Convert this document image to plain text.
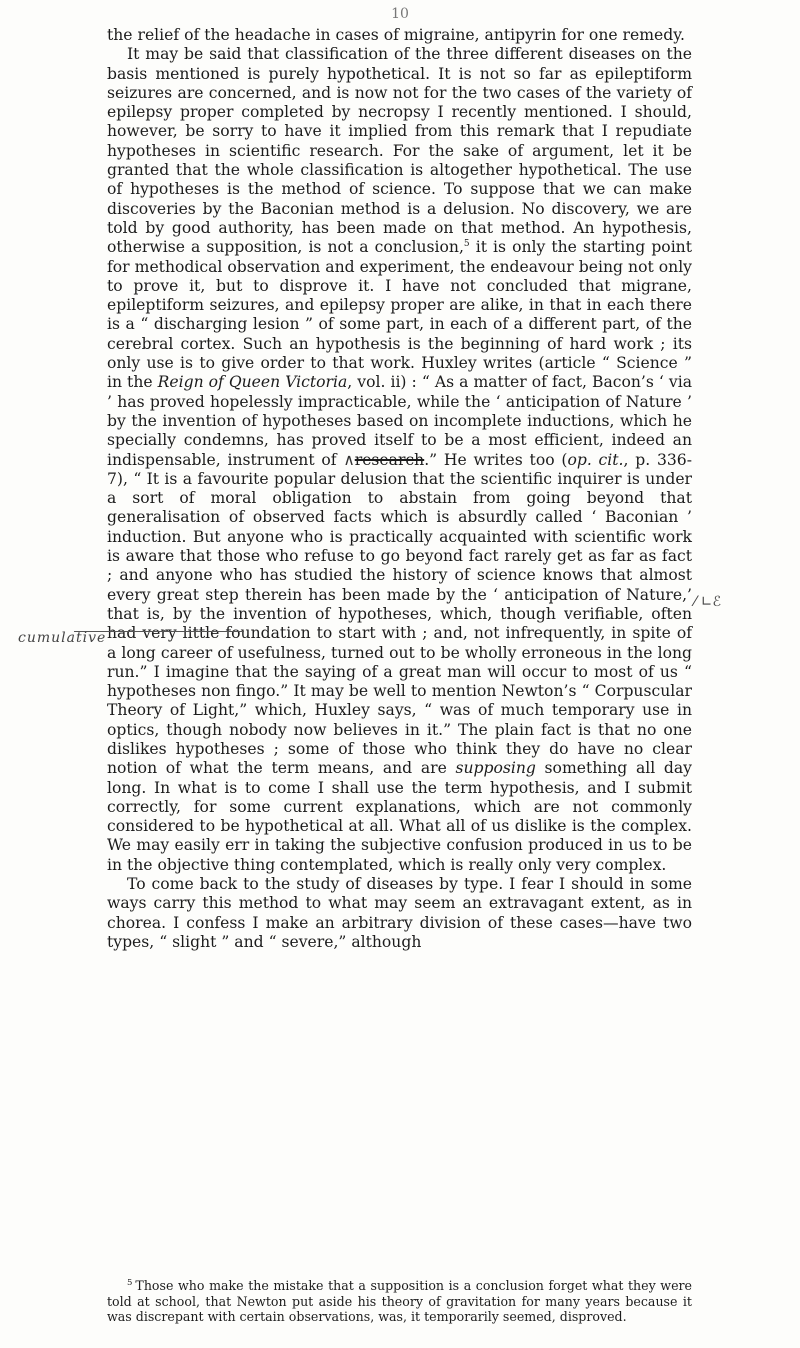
10

the relief of the headache in cases of migraine, antipyrin for one remedy.

It may be said that classification of the three different diseases on the basis mentioned is purely hypothetical. It is not so far as epileptiform seizures are concerned, and is now not for the two cases of the variety of epilepsy proper completed by necropsy I recently mentioned. I should, however, be sorry to have it implied from this remark that I repudiate hypotheses in scientific research. For the sake of argument, let it be granted that the whole classification is altogether hypothetical. The use of hypotheses is the method of science. To suppose that we can make discoveries by the Baconian method is a delusion. No discovery, we are told by good authority, has been made on that method. An hypothesis, otherwise a supposition, is not a conclusion,$^5$ it is only the starting point for methodical observation and experiment, the endeavour being not only to prove it, but to disprove it. I have not concluded that migrane, epileptiform seizures, and epilepsy proper are alike, in that in each there is a “ discharging lesion ” of some part, in each of a different part, of the cerebral cortex. Such an hypothesis is the beginning of hard work ; its only use is to give order to that work. Huxley writes (article “ Science ” in the Reign of Queen Victoria, vol. ii) : “ As a matter of fact, Bacon’s ‘ via ’ has proved hopelessly impracticable, while the ‘ anticipation of Nature ’ by the invention of hypotheses based on incomplete inductions, which he specially condemns, has proved itself to be a most efficient, indeed an indispensable, instrument of ∧research.” He writes too (op. cit., p. 336-7), “ It is a favourite popular delusion that the scientific inquirer is under a sort of moral obligation to abstain from going beyond that generalisation of observed facts which is absurdly called ‘ Baconian ’ induction. But anyone who is practically acquainted with scientific work is aware that those who refuse to go beyond fact rarely get as far as fact ; and anyone who has studied the history of science knows that almost every great step therein has been made by the ‘ anticipation of Nature,’ that is, by the invention of hypotheses, which, though verifiable, often had very little foundation to start with ; and, not infrequently, in spite of a long career of usefulness, turned out to be wholly erroneous in the long run.” I imagine that the saying of a great man will occur to most of us “ hypotheses non fingo.” It may be well to mention Newton’s “ Corpuscular Theory of Light,” which, Huxley says, “ was of much temporary use in optics, though nobody now believes in it.” The plain fact is that no one dislikes hypotheses ; some of those who think they do have no clear notion of what the term means, and are supposing something all day long. In what is to come I shall use the term hypothesis, and I submit correctly, for some current explanations, which are not commonly considered to be hypothetical at all. What all of us dislike is the complex. We may easily err in taking the subjective confusion produced in us to be in the objective thing contemplated, which is really only very complex.

To come back to the study of diseases by type. I fear I should in some ways carry this method to what may seem an extravagant extent, as in chorea. I confess I make an arbitrary division of these cases—have two types, “ slight ” and “ severe,” although

cumulative
⁄ ∟ℰ
$^5$ Those who make the mistake that a supposition is a conclusion forget what they were told at school, that Newton put aside his theory of gravitation for many years because it was discrepant with certain observations, was, it temporarily seemed, disproved.
